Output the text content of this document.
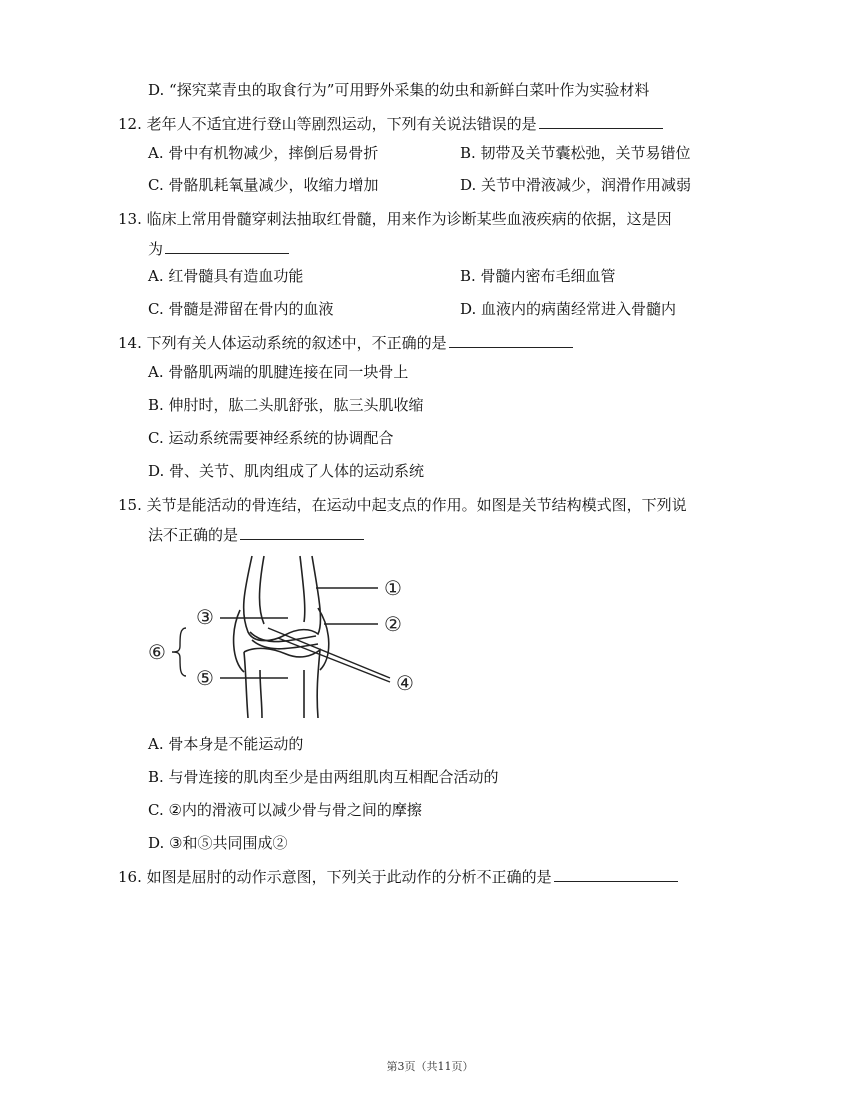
D. “探究菜青虫的取食行为”可用野外采集的幼虫和新鲜白菜叶作为实验材料
12. 老年人不适宜进行登山等剧烈运动，下列有关说法错误的是
A. 骨中有机物减少，摔倒后易骨折	B. 韧带及关节囊松弛，关节易错位
C. 骨骼肌耗氧量减少，收缩力增加	D. 关节中滑液减少，润滑作用减弱
13. 临床上常用骨髓穿刺法抽取红骨髓，用来作为诊断某些血液疾病的依据，这是因
为
A. 红骨髓具有造血功能	B. 骨髓内密布毛细血管
C. 骨髓是滞留在骨内的血液	D. 血液内的病菌经常进入骨髓内
14. 下列有关人体运动系统的叙述中，不正确的是
A. 骨骼肌两端的肌腱连接在同一块骨上
B. 伸肘时，肱二头肌舒张，肱三头肌收缩
C. 运动系统需要神经系统的协调配合
D. 骨、关节、肌肉组成了人体的运动系统
15. 关节是能活动的骨连结，在运动中起支点的作用。如图是关节结构模式图，下列说
法不正确的是
①
②
③
④
⑤
⑥
A. 骨本身是不能运动的
B. 与骨连接的肌肉至少是由两组肌肉互相配合活动的
C. ②内的滑液可以减少骨与骨之间的摩擦
D. ③和⑤共同围成②
16. 如图是屈肘的动作示意图，下列关于此动作的分析不正确的是
第3页（共11页）
